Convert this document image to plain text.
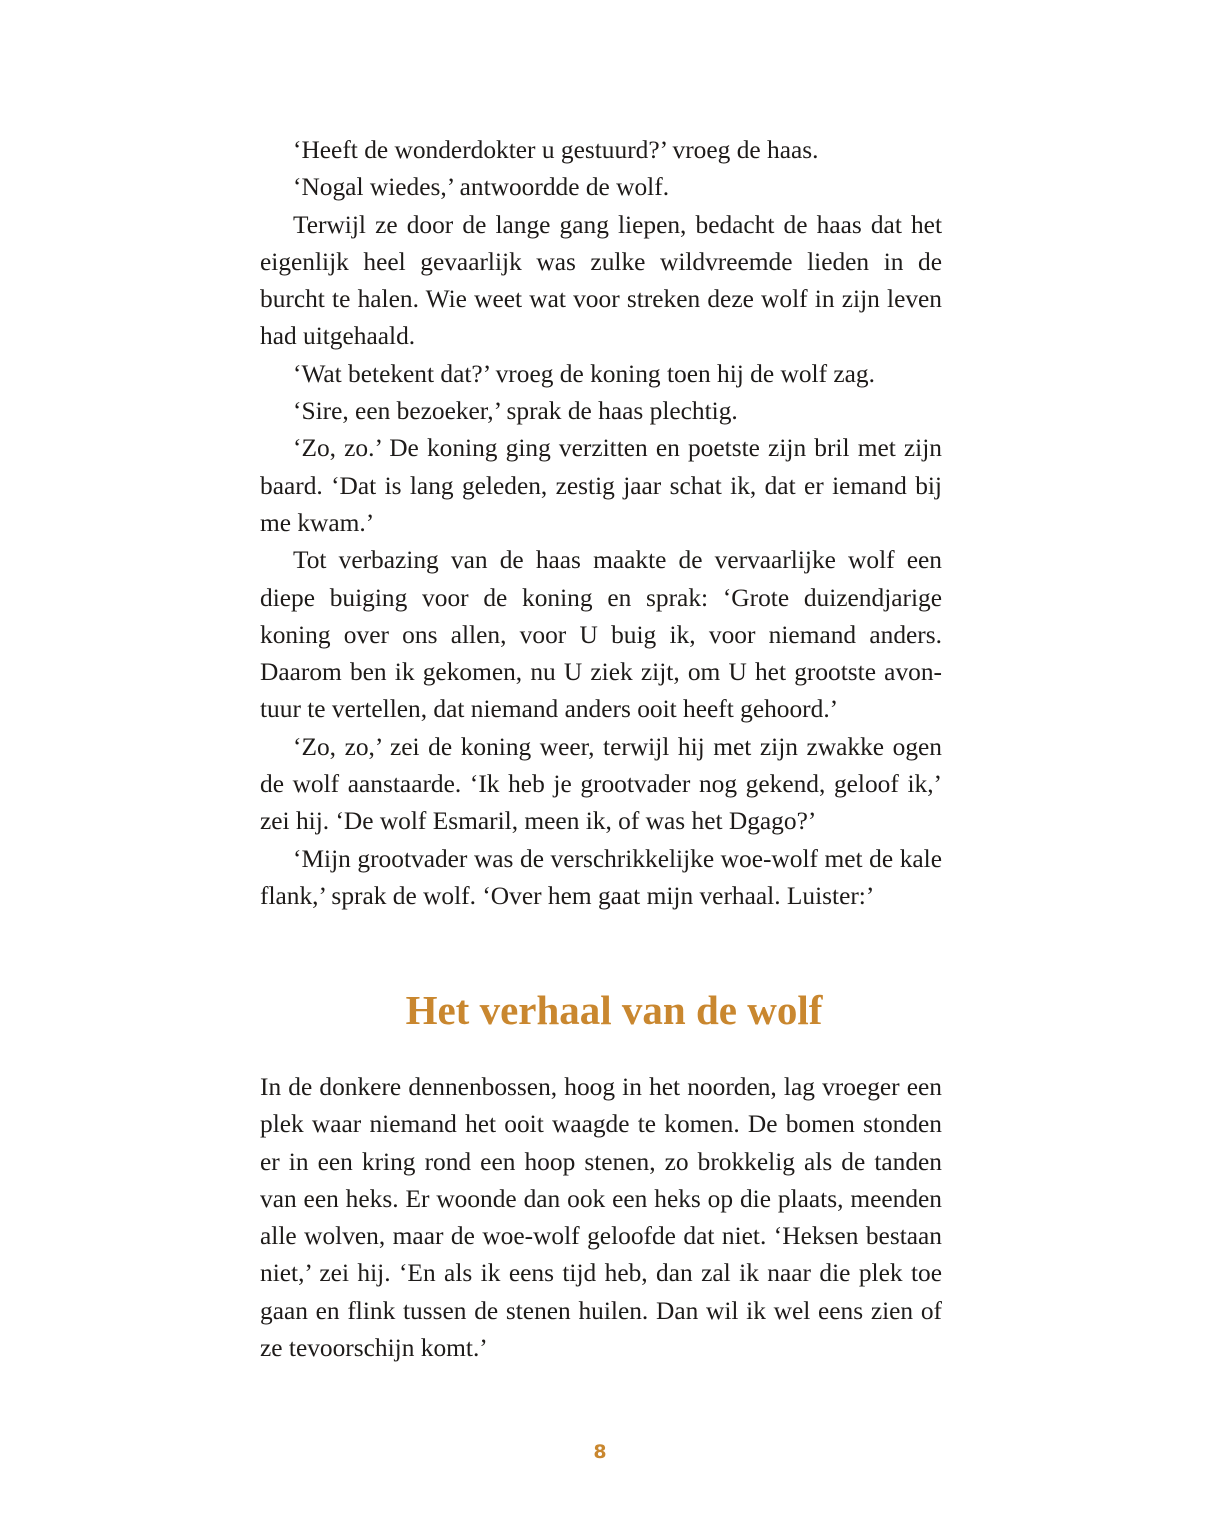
‘Heeft de wonderdokter u gestuurd?’ vroeg de haas.

‘Nogal wiedes,’ antwoordde de wolf.

Terwijl ze door de lange gang liepen, bedacht de haas dat het eigenlijk heel gevaarlijk was zulke wildvreemde lieden in de burcht te halen. Wie weet wat voor streken deze wolf in zijn leven had uitgehaald.

‘Wat betekent dat?’ vroeg de koning toen hij de wolf zag.

‘Sire, een bezoeker,’ sprak de haas plechtig.

‘Zo, zo.’ De koning ging verzitten en poetste zijn bril met zijn baard. ‘Dat is lang geleden, zestig jaar schat ik, dat er iemand bij me kwam.’

Tot verbazing van de haas maakte de vervaarlijke wolf een diepe buiging voor de koning en sprak: ‘Grote duizendjarige koning over ons allen, voor U buig ik, voor niemand anders. Daarom ben ik gekomen, nu U ziek zijt, om U het grootste avontuur te vertellen, dat niemand anders ooit heeft gehoord.’

‘Zo, zo,’ zei de koning weer, terwijl hij met zijn zwakke ogen de wolf aanstaarde. ‘Ik heb je grootvader nog gekend, geloof ik,’ zei hij. ‘De wolf Esmaril, meen ik, of was het Dgago?’

‘Mijn grootvader was de verschrikkelijke woe-wolf met de kale flank,’ sprak de wolf. ‘Over hem gaat mijn verhaal. Luister:’

Het verhaal van de wolf

In de donkere dennenbossen, hoog in het noorden, lag vroeger een plek waar niemand het ooit waagde te komen. De bomen stonden er in een kring rond een hoop stenen, zo brokkelig als de tanden van een heks. Er woonde dan ook een heks op die plaats, meenden alle wolven, maar de woe-wolf geloofde dat niet. ‘Heksen bestaan niet,’ zei hij. ‘En als ik eens tijd heb, dan zal ik naar die plek toe gaan en flink tussen de stenen huilen. Dan wil ik wel eens zien of ze tevoorschijn komt.’

8
